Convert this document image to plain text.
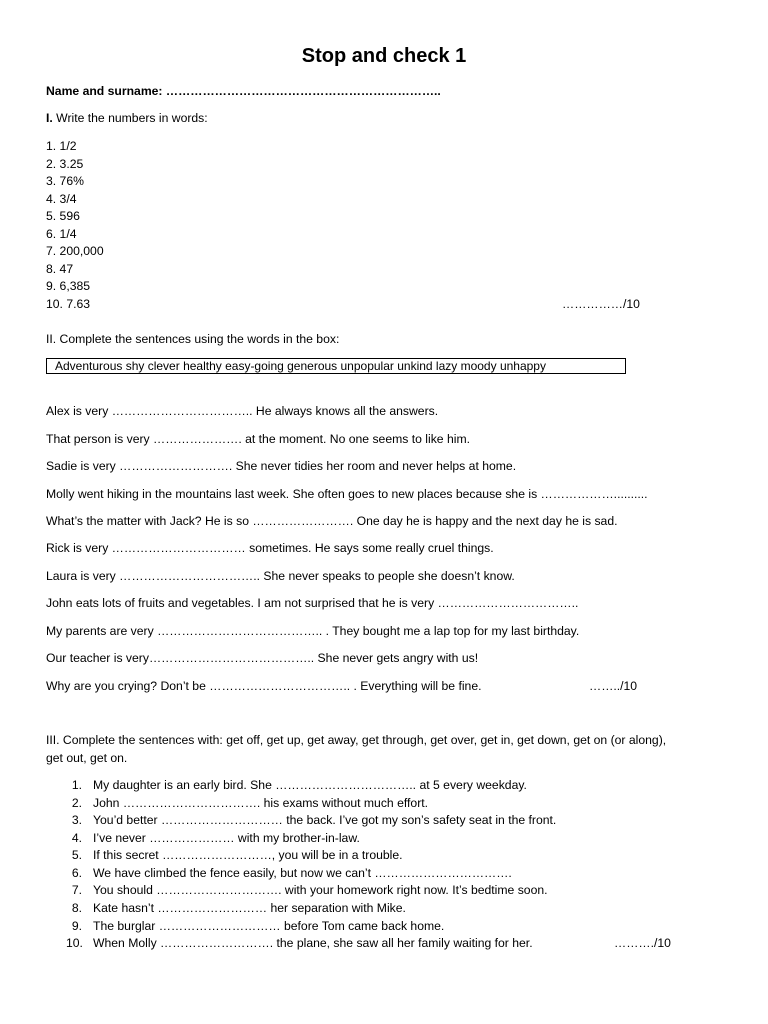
Stop and check 1
Name and surname: …………………………………………………………..
I. Write the numbers in words:
1. 1/2
2. 3.25
3. 76%
4. 3/4
5. 596
6. 1/4
7. 200,000
8. 47
9. 6,385
10. 7.63	……………/10
II. Complete the sentences using the words in the box:
Adventurous shy clever healthy easy-going generous unpopular unkind lazy moody unhappy
Alex is very …………………………….. He always knows all the answers.
That person is very …………………. at the moment. No one seems to like him.
Sadie is very ………………………. She never tidies her room and never helps at home.
Molly went hiking in the mountains last week. She often goes to new places because she is ………………..........
What’s the matter with Jack? He is so ……………………. One day he is happy and the next day he is sad.
Rick is very …………………………… sometimes. He says some really cruel things.
Laura is very …………………………….. She never speaks to people she doesn’t know.
John eats lots of fruits and vegetables. I am not surprised that he is very ……………………………..
My parents are very ………………………………….. . They bought me a lap top for my last birthday.
Our teacher is very………………………………….. She never gets angry with us!
Why are you crying? Don’t be …………………………….. . Everything will be fine.	……../10
III. Complete the sentences with: get off, get up, get away, get through, get over, get in, get down, get on (or along),
get out, get on.
1. My daughter is an early bird. She …………………………….. at 5 every weekday.
2. John ……………………………. his exams without much effort.
3. You’d better ………………………… the back. I’ve got my son’s safety seat in the front.
4. I’ve never ………………… with my brother-in-law.
5. If this secret ………………………, you will be in a trouble.
6. We have climbed the fence easily, but now we can’t …………………………….
7. You should …………………………. with your homework right now. It’s bedtime soon.
8. Kate hasn’t ……………………… her separation with Mike.
9. The burglar ………………………… before Tom came back home.
10. When Molly ………………………. the plane, she saw all her family waiting for her.	………./10
